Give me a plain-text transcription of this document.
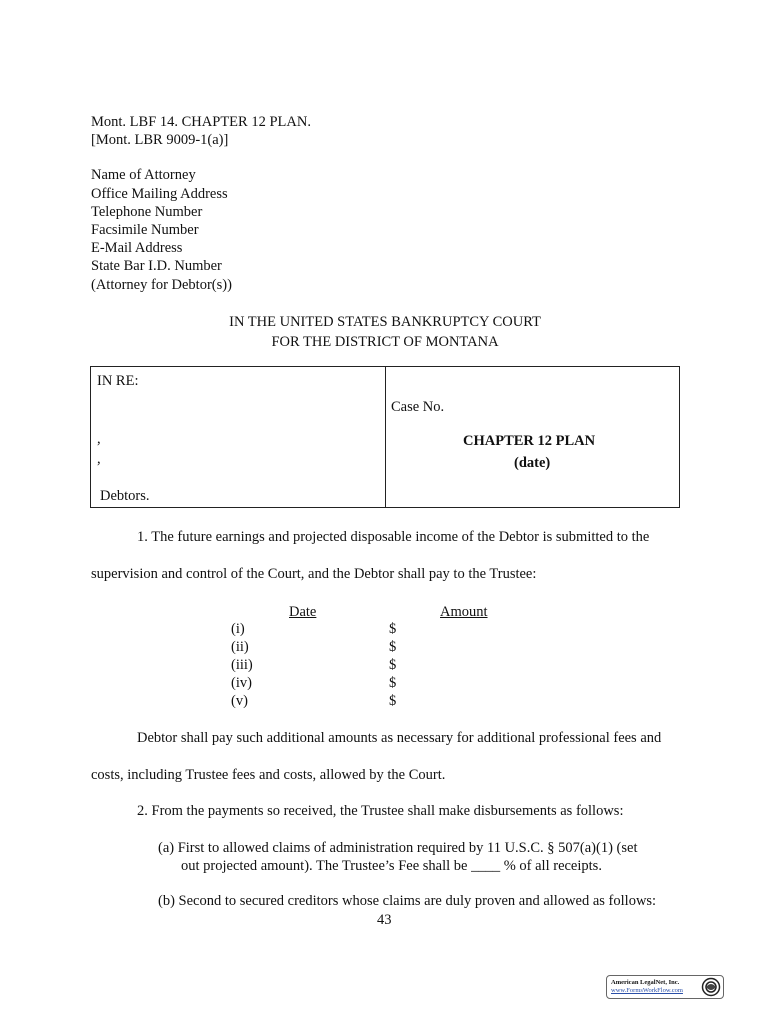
Mont. LBF 14. CHAPTER 12 PLAN.
[Mont. LBR 9009-1(a)]
Name of Attorney
Office Mailing Address
Telephone Number
Facsimile Number
E-Mail Address
State Bar I.D. Number
(Attorney for Debtor(s))
IN THE UNITED STATES BANKRUPTCY COURT
FOR THE DISTRICT OF MONTANA
IN RE:
,
,
Debtors.
Case No.
CHAPTER 12 PLAN
(date)
1. The future earnings and projected disposable income of the Debtor is submitted to the
supervision and control of the Court, and the Debtor shall pay to the Trustee:
Date	Amount
(i)	$
(ii)	$
(iii)	$
(iv)	$
(v)	$
Debtor shall pay such additional amounts as necessary for additional professional fees and
costs, including Trustee fees and costs, allowed by the Court.
2. From the payments so received, the Trustee shall make disbursements as follows:
(a) First to allowed claims of administration required by 11 U.S.C. § 507(a)(1) (set
out projected amount). The Trustee’s Fee shall be ____ % of all receipts.
(b) Second to secured creditors whose claims are duly proven and allowed as follows:
43
American LegalNet, Inc.
www.FormsWorkFlow.com
